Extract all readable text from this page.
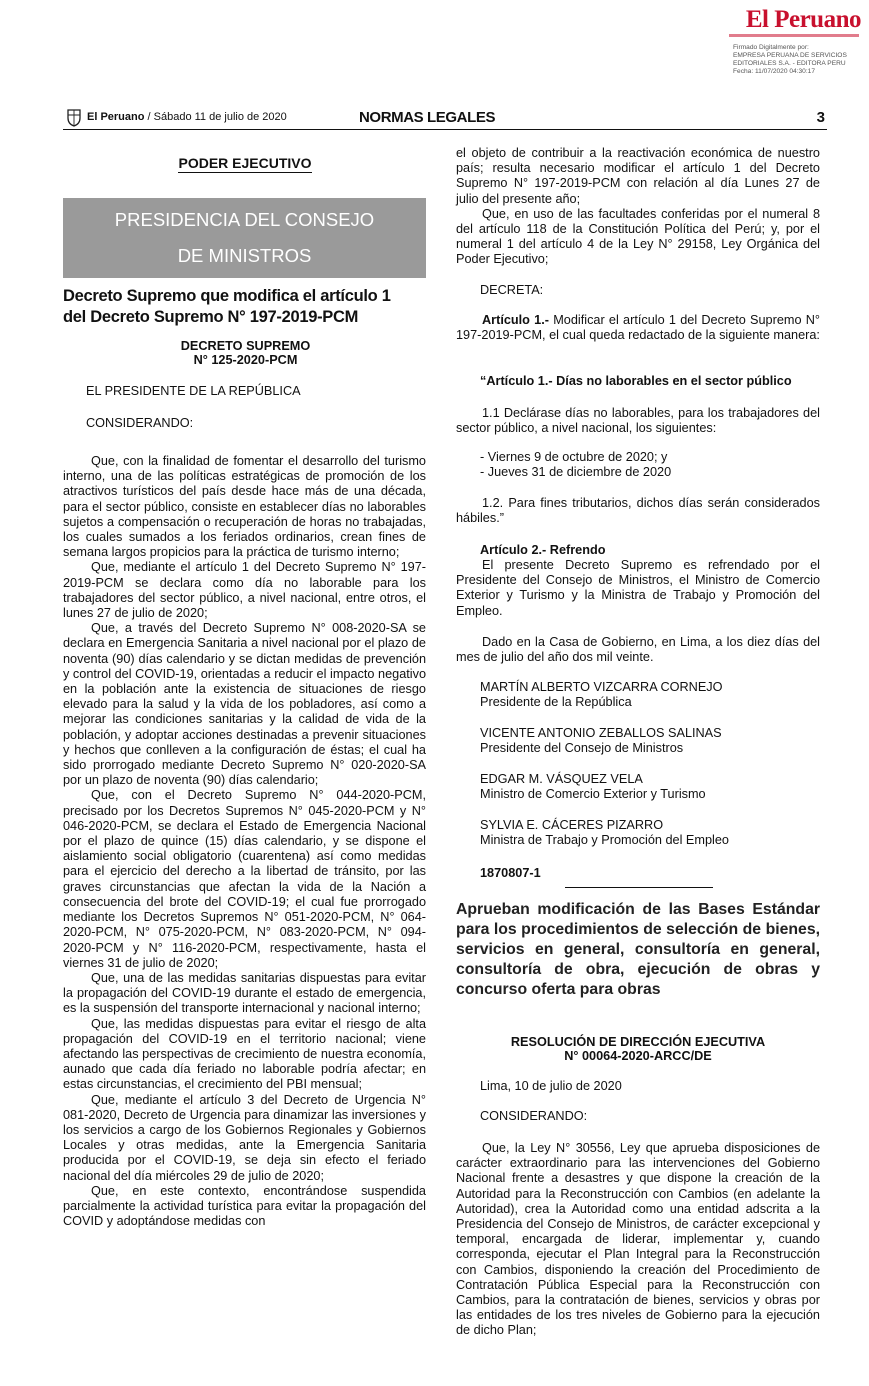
El Peruano
Firmado Digitalmente por:
EMPRESA PERUANA DE SERVICIOS
EDITORIALES S.A. - EDITORA PERU
Fecha: 11/07/2020 04:30:17
El Peruano / Sábado 11 de julio de 2020	NORMAS LEGALES	3
PODER EJECUTIVO
PRESIDENCIA DEL CONSEJO
DE MINISTROS
Decreto Supremo que modifica el artículo 1
del Decreto Supremo N° 197-2019-PCM
DECRETO SUPREMO
N° 125-2020-PCM
EL PRESIDENTE DE LA REPÚBLICA
CONSIDERANDO:

Que, con la finalidad de fomentar el desarrollo del turismo interno, una de las políticas estratégicas de promoción de los atractivos turísticos del país desde hace más de una década, para el sector público, consiste en establecer días no laborables sujetos a compensación o recuperación de horas no trabajadas, los cuales sumados a los feriados ordinarios, crean fines de semana largos propicios para la práctica de turismo interno;

Que, mediante el artículo 1 del Decreto Supremo N° 197-2019-PCM se declara como día no laborable para los trabajadores del sector público, a nivel nacional, entre otros, el lunes 27 de julio de 2020;

Que, a través del Decreto Supremo N° 008-2020-SA se declara en Emergencia Sanitaria a nivel nacional por el plazo de noventa (90) días calendario y se dictan medidas de prevención y control del COVID-19, orientadas a reducir el impacto negativo en la población ante la existencia de situaciones de riesgo elevado para la salud y la vida de los pobladores, así como a mejorar las condiciones sanitarias y la calidad de vida de la población, y adoptar acciones destinadas a prevenir situaciones y hechos que conlleven a la configuración de éstas; el cual ha sido prorrogado mediante Decreto Supremo N° 020-2020-SA por un plazo de noventa (90) días calendario;

Que, con el Decreto Supremo N° 044-2020-PCM, precisado por los Decretos Supremos N° 045-2020-PCM y N° 046-2020-PCM, se declara el Estado de Emergencia Nacional por el plazo de quince (15) días calendario, y se dispone el aislamiento social obligatorio (cuarentena) así como medidas para el ejercicio del derecho a la libertad de tránsito, por las graves circunstancias que afectan la vida de la Nación a consecuencia del brote del COVID-19; el cual fue prorrogado mediante los Decretos Supremos N° 051-2020-PCM, N° 064-2020-PCM, N° 075-2020-PCM, N° 083-2020-PCM, N° 094-2020-PCM y N° 116-2020-PCM, respectivamente, hasta el viernes 31 de julio de 2020;

Que, una de las medidas sanitarias dispuestas para evitar la propagación del COVID-19 durante el estado de emergencia, es la suspensión del transporte internacional y nacional interno;

Que, las medidas dispuestas para evitar el riesgo de alta propagación del COVID-19 en el territorio nacional; viene afectando las perspectivas de crecimiento de nuestra economía, aunado que cada día feriado no laborable podría afectar; en estas circunstancias, el crecimiento del PBI mensual;

Que, mediante el artículo 3 del Decreto de Urgencia N° 081-2020, Decreto de Urgencia para dinamizar las inversiones y los servicios a cargo de los Gobiernos Regionales y Gobiernos Locales y otras medidas, ante la Emergencia Sanitaria producida por el COVID-19, se deja sin efecto el feriado nacional del día miércoles 29 de julio de 2020;

Que, en este contexto, encontrándose suspendida parcialmente la actividad turística para evitar la propagación del COVID y adoptándose medidas con

el objeto de contribuir a la reactivación económica de nuestro país; resulta necesario modificar el artículo 1 del Decreto Supremo N° 197-2019-PCM con relación al día Lunes 27 de julio del presente año;

Que, en uso de las facultades conferidas por el numeral 8 del artículo 118 de la Constitución Política del Perú; y, por el numeral 1 del artículo 4 de la Ley N° 29158, Ley Orgánica del Poder Ejecutivo;

DECRETA:

Artículo 1.- Modificar el artículo 1 del Decreto Supremo N° 197-2019-PCM, el cual queda redactado de la siguiente manera:

“Artículo 1.- Días no laborables en el sector público

1.1 Declárase días no laborables, para los trabajadores del sector público, a nivel nacional, los siguientes:

- Viernes 9 de octubre de 2020; y
- Jueves 31 de diciembre de 2020

1.2. Para fines tributarios, dichos días serán considerados hábiles.”

Artículo 2.- Refrendo

El presente Decreto Supremo es refrendado por el Presidente del Consejo de Ministros, el Ministro de Comercio Exterior y Turismo y la Ministra de Trabajo y Promoción del Empleo.

Dado en la Casa de Gobierno, en Lima, a los diez días del mes de julio del año dos mil veinte.

MARTÍN ALBERTO VIZCARRA CORNEJO
Presidente de la República
VICENTE ANTONIO ZEBALLOS SALINAS
Presidente del Consejo de Ministros
EDGAR M. VÁSQUEZ VELA
Ministro de Comercio Exterior y Turismo
SYLVIA E. CÁCERES PIZARRO
Ministra de Trabajo y Promoción del Empleo
1870807-1
Aprueban modificación de las Bases Estándar para los procedimientos de selección de bienes, servicios en general, consultoría en general, consultoría de obra, ejecución de obras y concurso oferta para obras
RESOLUCIÓN DE DIRECCIÓN EJECUTIVA
N° 00064-2020-ARCC/DE
Lima, 10 de julio de 2020
CONSIDERANDO:

Que, la Ley N° 30556, Ley que aprueba disposiciones de carácter extraordinario para las intervenciones del Gobierno Nacional frente a desastres y que dispone la creación de la Autoridad para la Reconstrucción con Cambios (en adelante la Autoridad), crea la Autoridad como una entidad adscrita a la Presidencia del Consejo de Ministros, de carácter excepcional y temporal, encargada de liderar, implementar y, cuando corresponda, ejecutar el Plan Integral para la Reconstrucción con Cambios, disponiendo la creación del Procedimiento de Contratación Pública Especial para la Reconstrucción con Cambios, para la contratación de bienes, servicios y obras por las entidades de los tres niveles de Gobierno para la ejecución de dicho Plan;
